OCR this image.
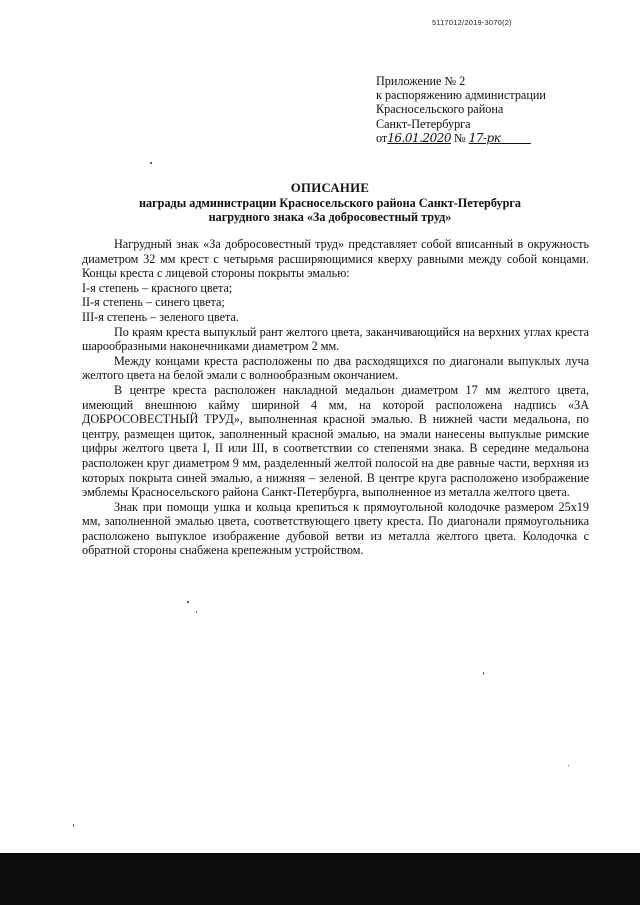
5117012/2019-3070(2)
Приложение № 2
к распоряжению администрации
Красносельского района
Санкт-Петербурга
от16.01.2020 № 17-рк
ОПИСАНИЕ
награды администрации Красносельского района Санкт-Петербурга
нагрудного знака «За добросовестный труд»

Нагрудный знак «За добросовестный труд» представляет собой вписанный в окружность диаметром 32 мм крест с четырьмя расширяющимися кверху равными между собой концами. Концы креста с лицевой стороны покрыты эмалью:

I-я степень – красного цвета;

II-я степень – синего цвета;

III-я степень – зеленого цвета.

По краям креста выпуклый рант желтого цвета, заканчивающийся на верхних углах креста шарообразными наконечниками диаметром 2 мм.

Между концами креста расположены по два расходящихся по диагонали выпуклых луча желтого цвета на белой эмали с волнообразным окончанием.

В центре креста расположен накладной медальон диаметром 17 мм желтого цвета, имеющий внешнюю кайму шириной 4 мм, на которой расположена надпись «ЗА ДОБРОСОВЕСТНЫЙ ТРУД», выполненная красной эмалью. В нижней части медальона, по центру, размещен щиток, заполненный красной эмалью, на эмали нанесены выпуклые римские цифры желтого цвета I, II или III, в соответствии со степенями знака. В середине медальона расположен круг диаметром 9 мм, разделенный желтой полосой на две равные части, верхняя из которых покрыта синей эмалью, а нижняя – зеленой. В центре круга расположено изображение эмблемы Красносельского района Санкт-Петербурга, выполненное из металла желтого цвета.

Знак при помощи ушка и кольца крепиться к прямоугольной колодочке размером 25x19 мм, заполненной эмалью цвета, соответствующего цвету креста. По диагонали прямоугольника расположено выпуклое изображение дубовой ветви из металла желтого цвета. Колодочка с обратной стороны снабжена крепежным устройством.
